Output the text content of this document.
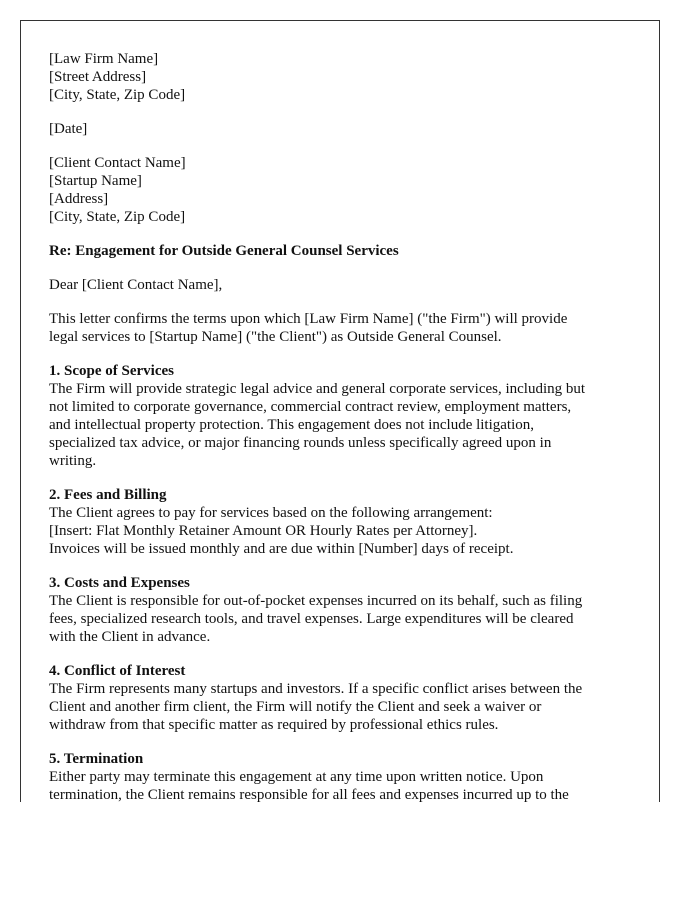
[Law Firm Name]
[Street Address]
[City, State, Zip Code]
[Date]
[Client Contact Name]
[Startup Name]
[Address]
[City, State, Zip Code]
Re: Engagement for Outside General Counsel Services
Dear [Client Contact Name],
This letter confirms the terms upon which [Law Firm Name] ("the Firm") will provide
legal services to [Startup Name] ("the Client") as Outside General Counsel.
1. Scope of Services
The Firm will provide strategic legal advice and general corporate services, including but
not limited to corporate governance, commercial contract review, employment matters,
and intellectual property protection. This engagement does not include litigation,
specialized tax advice, or major financing rounds unless specifically agreed upon in
writing.
2. Fees and Billing
The Client agrees to pay for services based on the following arrangement:
[Insert: Flat Monthly Retainer Amount OR Hourly Rates per Attorney].
Invoices will be issued monthly and are due within [Number] days of receipt.
3. Costs and Expenses
The Client is responsible for out-of-pocket expenses incurred on its behalf, such as filing
fees, specialized research tools, and travel expenses. Large expenditures will be cleared
with the Client in advance.
4. Conflict of Interest
The Firm represents many startups and investors. If a specific conflict arises between the
Client and another firm client, the Firm will notify the Client and seek a waiver or
withdraw from that specific matter as required by professional ethics rules.
5. Termination
Either party may terminate this engagement at any time upon written notice. Upon
termination, the Client remains responsible for all fees and expenses incurred up to the
